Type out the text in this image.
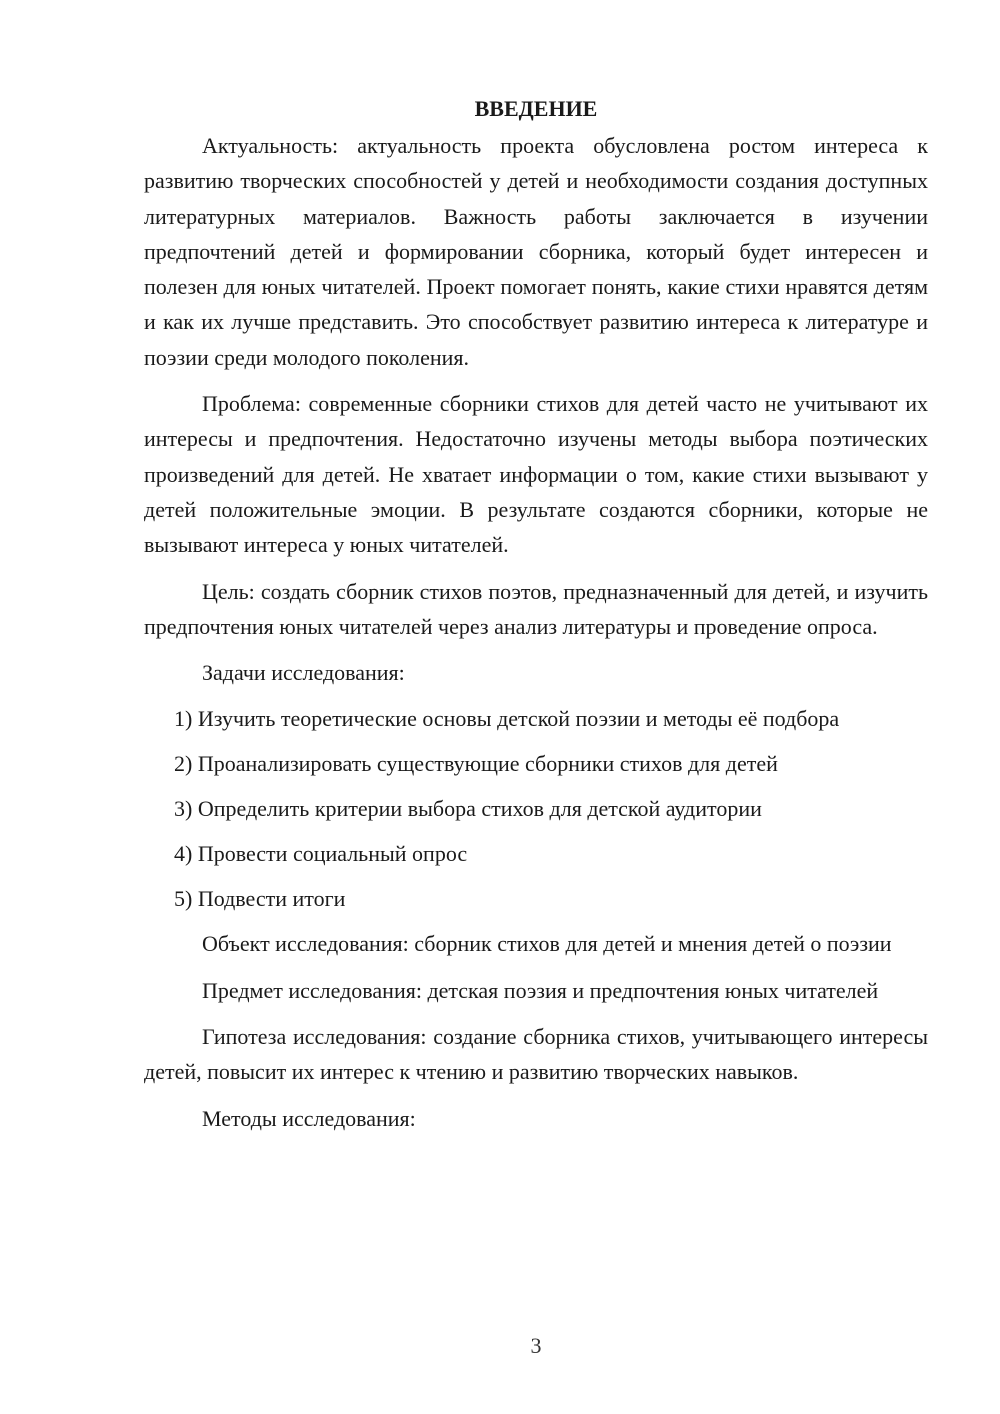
ВВЕДЕНИЕ

Актуальность: актуальность проекта обусловлена ростом интереса к развитию творческих способностей у детей и необходимости создания доступных литературных материалов. Важность работы заключается в изучении предпочтений детей и формировании сборника, который будет интересен и полезен для юных читателей. Проект помогает понять, какие стихи нравятся детям и как их лучше представить. Это способствует развитию интереса к литературе и поэзии среди молодого поколения.

Проблема: современные сборники стихов для детей часто не учитывают их интересы и предпочтения. Недостаточно изучены методы выбора поэтических произведений для детей. Не хватает информации о том, какие стихи вызывают у детей положительные эмоции. В результате создаются сборники, которые не вызывают интереса у юных читателей.

Цель: создать сборник стихов поэтов, предназначенный для детей, и изучить предпочтения юных читателей через анализ литературы и проведение опроса.

Задачи исследования:

1) Изучить теоретические основы детской поэзии и методы её подбора
2) Проанализировать существующие сборники стихов для детей
3) Определить критерии выбора стихов для детской аудитории
4) Провести социальный опрос
5) Подвести итоги

Объект исследования: сборник стихов для детей и мнения детей о поэзии

Предмет исследования: детская поэзия и предпочтения юных читателей

Гипотеза исследования: создание сборника стихов, учитывающего интересы детей, повысит их интерес к чтению и развитию творческих навыков.

Методы исследования:

3
